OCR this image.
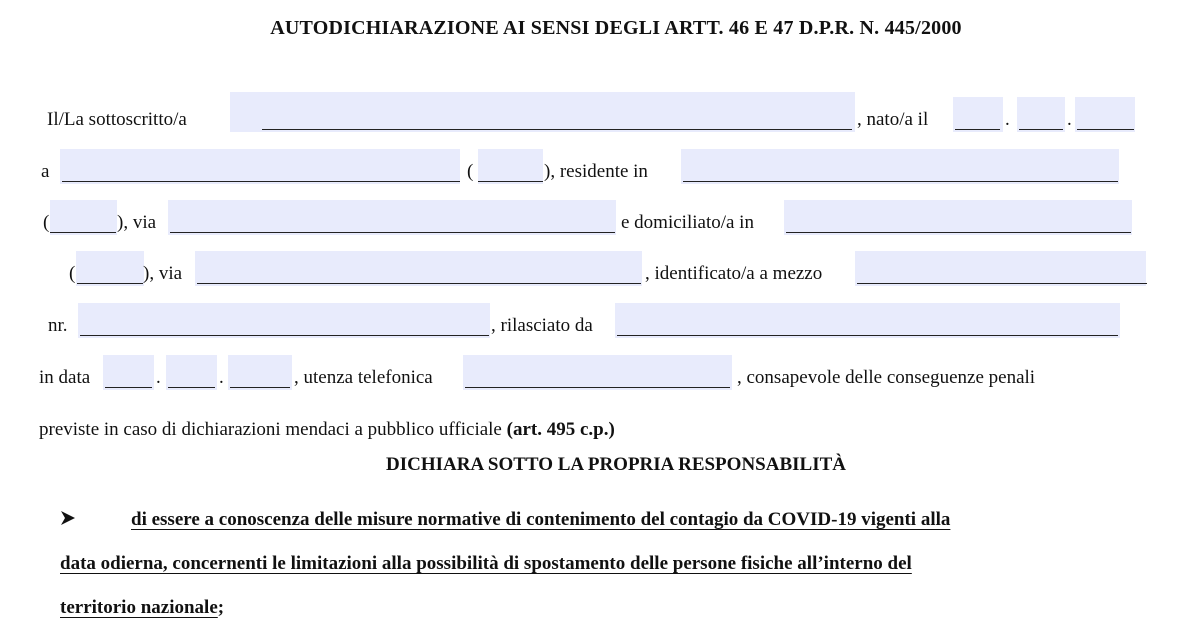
AUTODICHIARAZIONE AI SENSI DEGLI ARTT. 46 E 47 D.P.R. N. 445/2000
Il/La sottoscritto/a	, nato/a il	.	.
a	(	), residente in
(	), via	e domiciliato/a in
(	), via	, identificato/a a mezzo
nr.	, rilasciato da
in data	.	.	, utenza telefonica	, consapevole delle conseguenze penali
previste in caso di dichiarazioni mendaci a pubblico ufficiale (art. 495 c.p.)
DICHIARA SOTTO LA PROPRIA RESPONSABILITÀ
di essere a conoscenza delle misure normative di contenimento del contagio da COVID-19 vigenti alla
data odierna, concernenti le limitazioni alla possibilità di spostamento delle persone fisiche all’interno del
territorio nazionale;
